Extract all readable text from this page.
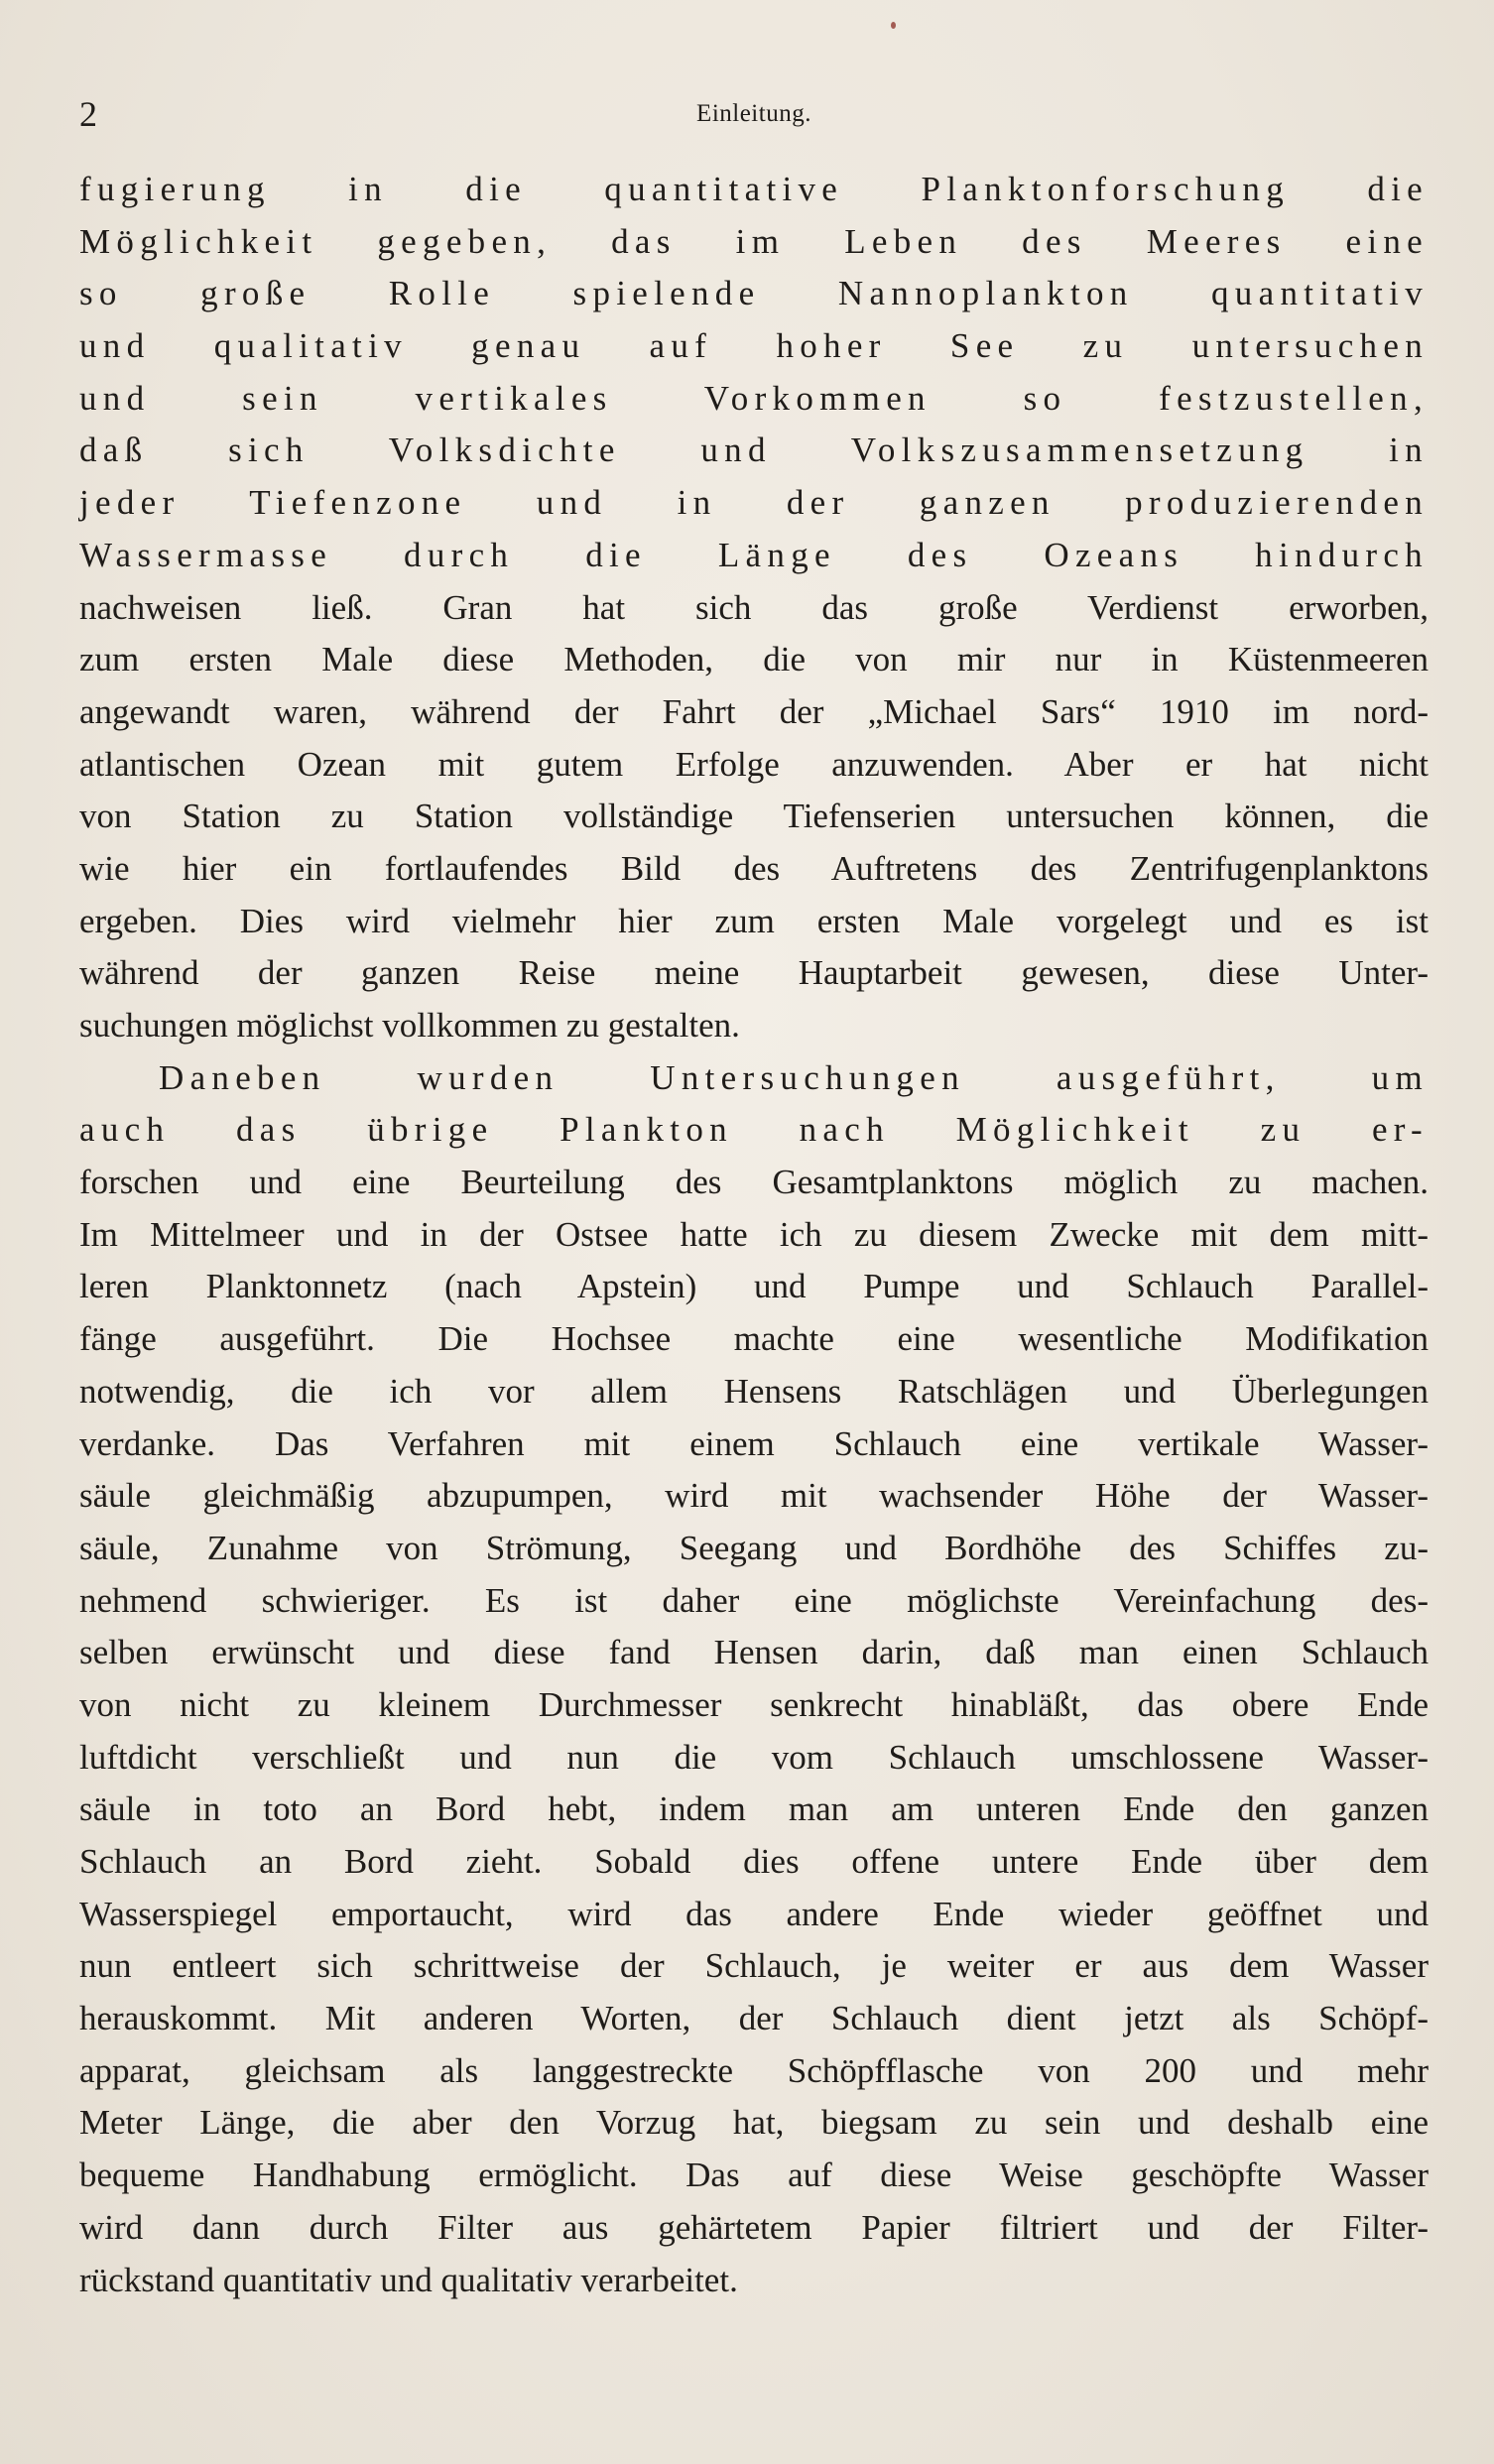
2	Einleitung.

fugierung in die quantitative Planktonforschung die
Möglichkeit gegeben, das im Leben des Meeres eine
so große Rolle spielende Nannoplankton quantitativ
und qualitativ genau auf hoher See zu untersuchen
und sein vertikales Vorkommen so festzustellen,
daß sich Volksdichte und Volkszusammensetzung in
jeder Tiefenzone und in der ganzen produzierenden
Wassermasse durch die Länge des Ozeans hindurch
nachweisen ließ. Gran hat sich das große Verdienst erworben,
zum ersten Male diese Methoden, die von mir nur in Küstenmeeren
angewandt waren, während der Fahrt der „Michael Sars“ 1910 im nord-
atlantischen Ozean mit gutem Erfolge anzuwenden. Aber er hat nicht
von Station zu Station vollständige Tiefenserien untersuchen können, die
wie hier ein fortlaufendes Bild des Auftretens des Zentrifugenplanktons
ergeben. Dies wird vielmehr hier zum ersten Male vorgelegt und es ist
während der ganzen Reise meine Hauptarbeit gewesen, diese Unter-
suchungen möglichst vollkommen zu gestalten.

Daneben wurden Untersuchungen ausgeführt, um
auch das übrige Plankton nach Möglichkeit zu er-
forschen und eine Beurteilung des Gesamtplanktons möglich zu machen.
Im Mittelmeer und in der Ostsee hatte ich zu diesem Zwecke mit dem mitt-
leren Planktonnetz (nach Apstein) und Pumpe und Schlauch Parallel-
fänge ausgeführt. Die Hochsee machte eine wesentliche Modifikation
notwendig, die ich vor allem Hensens Ratschlägen und Überlegungen
verdanke. Das Verfahren mit einem Schlauch eine vertikale Wasser-
säule gleichmäßig abzupumpen, wird mit wachsender Höhe der Wasser-
säule, Zunahme von Strömung, Seegang und Bordhöhe des Schiffes zu-
nehmend schwieriger. Es ist daher eine möglichste Vereinfachung des-
selben erwünscht und diese fand Hensen darin, daß man einen Schlauch
von nicht zu kleinem Durchmesser senkrecht hinabläßt, das obere Ende
luftdicht verschließt und nun die vom Schlauch umschlossene Wasser-
säule in toto an Bord hebt, indem man am unteren Ende den ganzen
Schlauch an Bord zieht. Sobald dies offene untere Ende über dem
Wasserspiegel emportaucht, wird das andere Ende wieder geöffnet und
nun entleert sich schrittweise der Schlauch, je weiter er aus dem Wasser
herauskommt. Mit anderen Worten, der Schlauch dient jetzt als Schöpf-
apparat, gleichsam als langgestreckte Schöpfflasche von 200 und mehr
Meter Länge, die aber den Vorzug hat, biegsam zu sein und deshalb eine
bequeme Handhabung ermöglicht. Das auf diese Weise geschöpfte Wasser
wird dann durch Filter aus gehärtetem Papier filtriert und der Filter-
rückstand quantitativ und qualitativ verarbeitet.
